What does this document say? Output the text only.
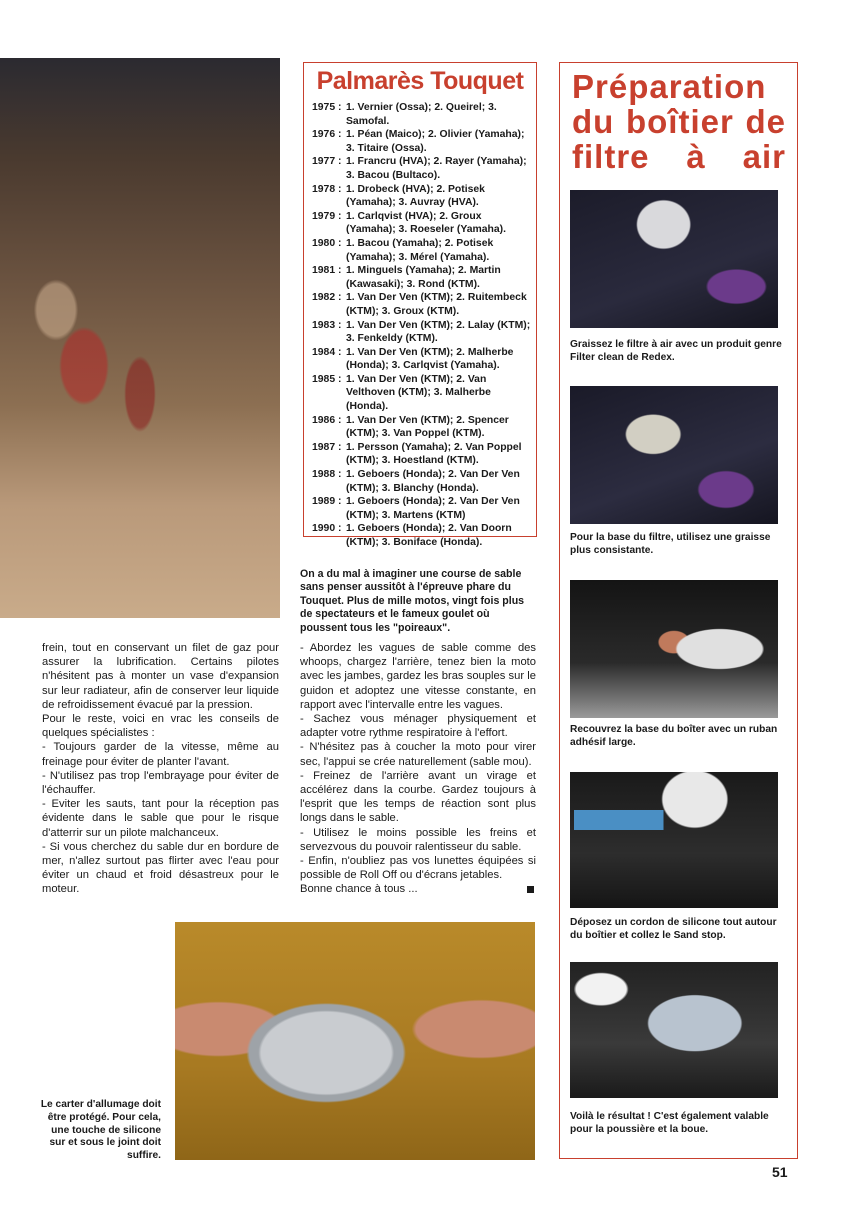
Palmarès Touquet
1975 : 1. Vernier (Ossa); 2. Queirel; 3. Samofal.
1976 : 1. Péan (Maico); 2. Olivier (Yamaha); 3. Titaire (Ossa).
1977 : 1. Francru (HVA); 2. Rayer (Yamaha); 3. Bacou (Bultaco).
1978 : 1. Drobeck (HVA); 2. Potisek (Yamaha); 3. Auvray (HVA).
1979 : 1. Carlqvist (HVA); 2. Groux (Yamaha); 3. Roeseler (Yamaha).
1980 : 1. Bacou (Yamaha); 2. Potisek (Yamaha); 3. Mérel (Yamaha).
1981 : 1. Minguels (Yamaha); 2. Martin (Kawasaki); 3. Rond (KTM).
1982 : 1. Van Der Ven (KTM); 2. Ruitembeck (KTM); 3. Groux (KTM).
1983 : 1. Van Der Ven (KTM); 2. Lalay (KTM); 3. Fenkeldy (KTM).
1984 : 1. Van Der Ven (KTM); 2. Malherbe (Honda); 3. Carlqvist (Yamaha).
1985 : 1. Van Der Ven (KTM); 2. Van Velthoven (KTM); 3. Malherbe (Honda).
1986 : 1. Van Der Ven (KTM); 2. Spencer (KTM); 3. Van Poppel (KTM).
1987 : 1. Persson (Yamaha); 2. Van Poppel (KTM); 3. Hoestland (KTM).
1988 : 1. Geboers (Honda); 2. Van Der Ven (KTM); 3. Blanchy (Honda).
1989 : 1. Geboers (Honda); 2. Van Der Ven (KTM); 3. Martens (KTM)
1990 : 1. Geboers (Honda); 2. Van Doorn (KTM); 3. Boniface (Honda).

On a du mal à imaginer une course de sable sans penser aussitôt à l'épreuve phare du Touquet. Plus de mille motos, vingt fois plus de spectateurs et le fameux goulet où poussent tous les "poireaux".

frein, tout en conservant un filet de gaz pour assurer la lubrification. Certains pilotes n'hésitent pas à monter un vase d'expansion sur leur radiateur, afin de conserver leur liquide de refroidissement évacué par la pression.

Pour le reste, voici en vrac les conseils de quelques spécialistes :

- Toujours garder de la vitesse, même au freinage pour éviter de planter l'avant.

- N'utilisez pas trop l'embrayage pour éviter de l'échauffer.

- Eviter les sauts, tant pour la réception pas évidente dans le sable que pour le risque d'atterrir sur un pilote malchanceux.

- Si vous cherchez du sable dur en bordure de mer, n'allez surtout pas flirter avec l'eau pour éviter un chaud et froid désastreux pour le moteur.

- Abordez les vagues de sable comme des whoops, chargez l'arrière, tenez bien la moto avec les jambes, gardez les bras souples sur le guidon et adoptez une vitesse constante, en rapport avec l'intervalle entre les vagues.

- Sachez vous ménager physiquement et adapter votre rythme respiratoire à l'effort.

- N'hésitez pas à coucher la moto pour virer sec, l'appui se crée naturellement (sable mou).

- Freinez de l'arrière avant un virage et accélérez dans la courbe. Gardez toujours à l'esprit que les temps de réaction sont plus longs dans le sable.

- Utilisez le moins possible les freins et servezvous du pouvoir ralentisseur du sable.

- Enfin, n'oubliez pas vos lunettes équipées si possible de Roll Off ou d'écrans jetables.

Bonne chance à tous ...

Le carter d'allumage doit être protégé. Pour cela, une touche de silicone sur et sous le joint doit suffire.
Préparation
du boîtier de
filtre à air
Graissez le filtre à air avec un produit genre Filter clean de Redex.
Pour la base du filtre, utilisez une graisse plus consistante.
Recouvrez la base du boîter avec un ruban adhésif large.
Déposez un cordon de silicone tout autour du boîtier et collez le Sand stop.
Voilà le résultat ! C'est également valable pour la poussière et la boue.
51
